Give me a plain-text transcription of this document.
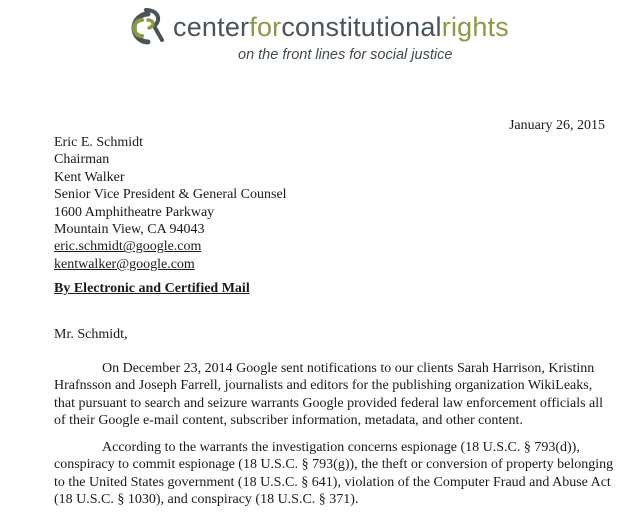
centerforconstitutionalrights
on the front lines for social justice
January 26, 2015
Eric E. Schmidt
Chairman
Kent Walker
Senior Vice President & General Counsel
1600 Amphitheatre Parkway
Mountain View, CA 94043
eric.schmidt@google.com
kentwalker@google.com
By Electronic and Certified Mail
Mr. Schmidt,

On December 23, 2014 Google sent notifications to our clients Sarah Harrison, Kristinn Hrafnsson and Joseph Farrell, journalists and editors for the publishing organization WikiLeaks, that pursuant to search and seizure warrants Google provided federal law enforcement officials all of their Google e-mail content, subscriber information, metadata, and other content.

According to the warrants the investigation concerns espionage (18 U.S.C. § 793(d)), conspiracy to commit espionage (18 U.S.C. § 793(g)), the theft or conversion of property belonging to the United States government (18 U.S.C. § 641), violation of the Computer Fraud and Abuse Act (18 U.S.C. § 1030), and conspiracy (18 U.S.C. § 371).
